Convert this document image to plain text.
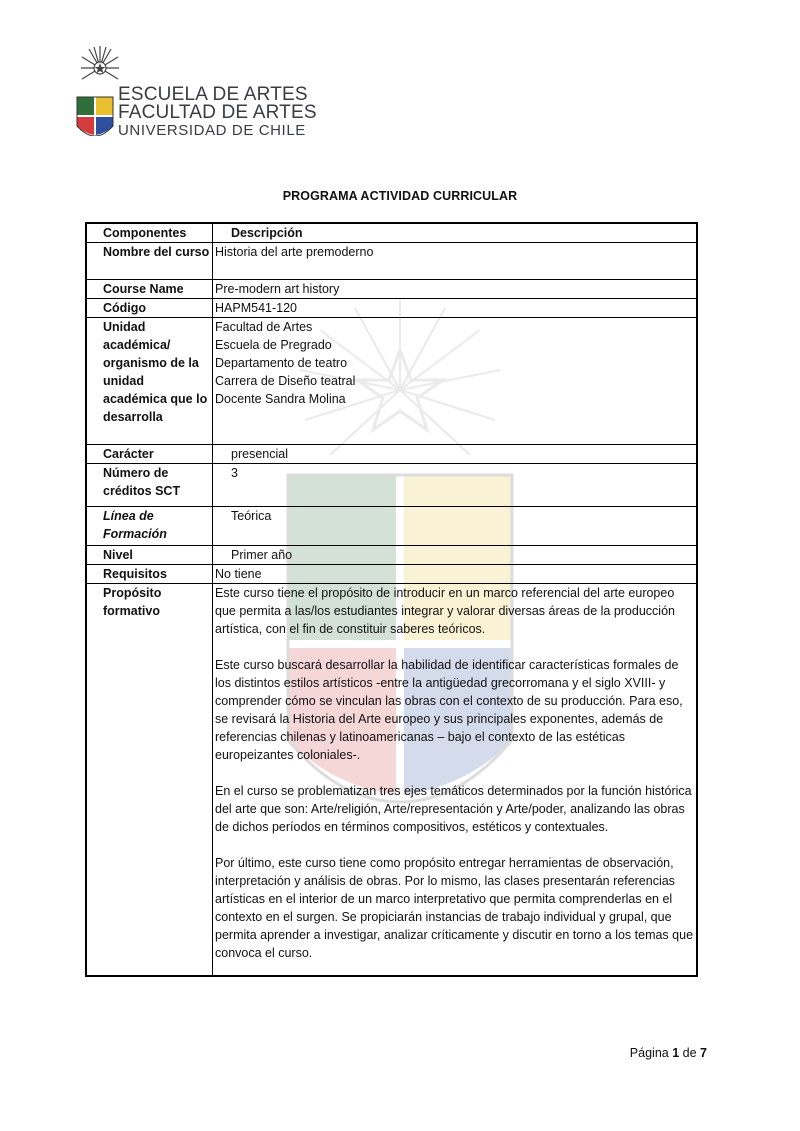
ESCUELA DE ARTES
FACULTAD DE ARTES
UNIVERSIDAD DE CHILE
PROGRAMA ACTIVIDAD CURRICULAR
Componentes	Descripción
Nombre del curso	Historia del arte premoderno
Course Name	Pre-modern art history
Código	HAPM541-120
Unidad académica/ organismo de la unidad académica que lo desarrolla	Facultad de Artes
Escuela de Pregrado
Departamento de teatro
Carrera de Diseño teatral
Docente Sandra Molina

Carácter	presencial
Número de créditos SCT	3
Línea de Formación	Teórica
Nivel	Primer año
Requisitos	No tiene
Propósito formativo	Este curso tiene el propósito de introducir en un marco referencial del arte europeo que permita a las/los estudiantes integrar y valorar diversas áreas de la producción artística, con el fin de constituir saberes teóricos.

Este curso buscará desarrollar la habilidad de identificar características formales de los distintos estilos artísticos -entre la antigüedad grecorromana y el siglo XVIII- y comprender cómo se vinculan las obras con el contexto de su producción. Para eso, se revisará la Historia del Arte europeo y sus principales exponentes, además de referencias chilenas y latinoamericanas – bajo el contexto de las estéticas europeizantes coloniales-.

En el curso se problematizan tres ejes temáticos determinados por la función histórica del arte que son: Arte/religión, Arte/representación y Arte/poder, analizando las obras de dichos períodos en términos compositivos, estéticos y contextuales.

Por último, este curso tiene como propósito entregar herramientas de observación, interpretación y análisis de obras. Por lo mismo, las clases presentarán referencias artísticas en el interior de un marco interpretativo que permita comprenderlas en el contexto en el surgen. Se propiciarán instancias de trabajo individual y grupal, que permita aprender a investigar, analizar críticamente y discutir en torno a los temas que convoca el curso.

Página 1 de 7
